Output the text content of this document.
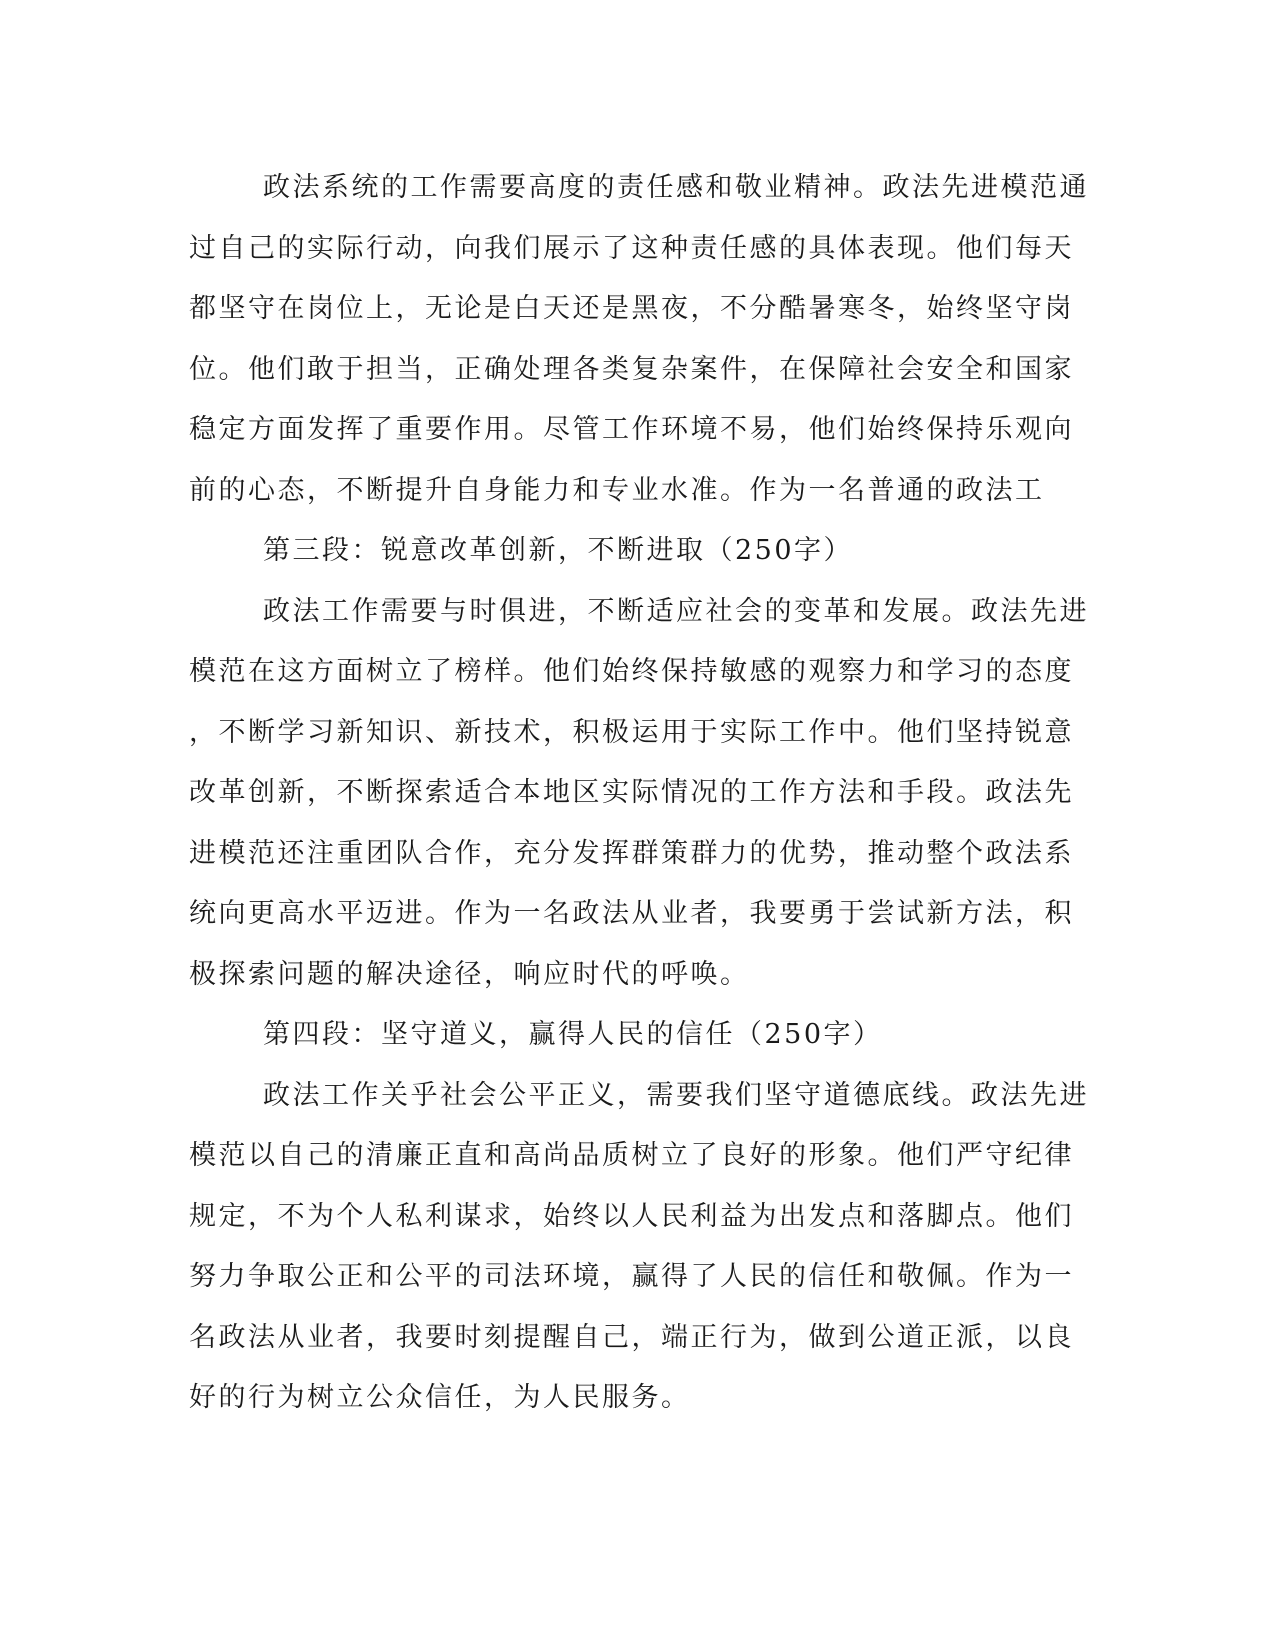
政法系统的工作需要高度的责任感和敬业精神。政法先进模范通
过自己的实际行动，向我们展示了这种责任感的具体表现。他们每天
都坚守在岗位上，无论是白天还是黑夜，不分酷暑寒冬，始终坚守岗
位。他们敢于担当，正确处理各类复杂案件，在保障社会安全和国家
稳定方面发挥了重要作用。尽管工作环境不易，他们始终保持乐观向
前的心态，不断提升自身能力和专业水准。作为一名普通的政法工
第三段：锐意改革创新，不断进取（250字）
政法工作需要与时俱进，不断适应社会的变革和发展。政法先进
模范在这方面树立了榜样。他们始终保持敏感的观察力和学习的态度
，不断学习新知识、新技术，积极运用于实际工作中。他们坚持锐意
改革创新，不断探索适合本地区实际情况的工作方法和手段。政法先
进模范还注重团队合作，充分发挥群策群力的优势，推动整个政法系
统向更高水平迈进。作为一名政法从业者，我要勇于尝试新方法，积
极探索问题的解决途径，响应时代的呼唤。
第四段：坚守道义，赢得人民的信任（250字）
政法工作关乎社会公平正义，需要我们坚守道德底线。政法先进
模范以自己的清廉正直和高尚品质树立了良好的形象。他们严守纪律
规定，不为个人私利谋求，始终以人民利益为出发点和落脚点。他们
努力争取公正和公平的司法环境，赢得了人民的信任和敬佩。作为一
名政法从业者，我要时刻提醒自己，端正行为，做到公道正派，以良
好的行为树立公众信任，为人民服务。
